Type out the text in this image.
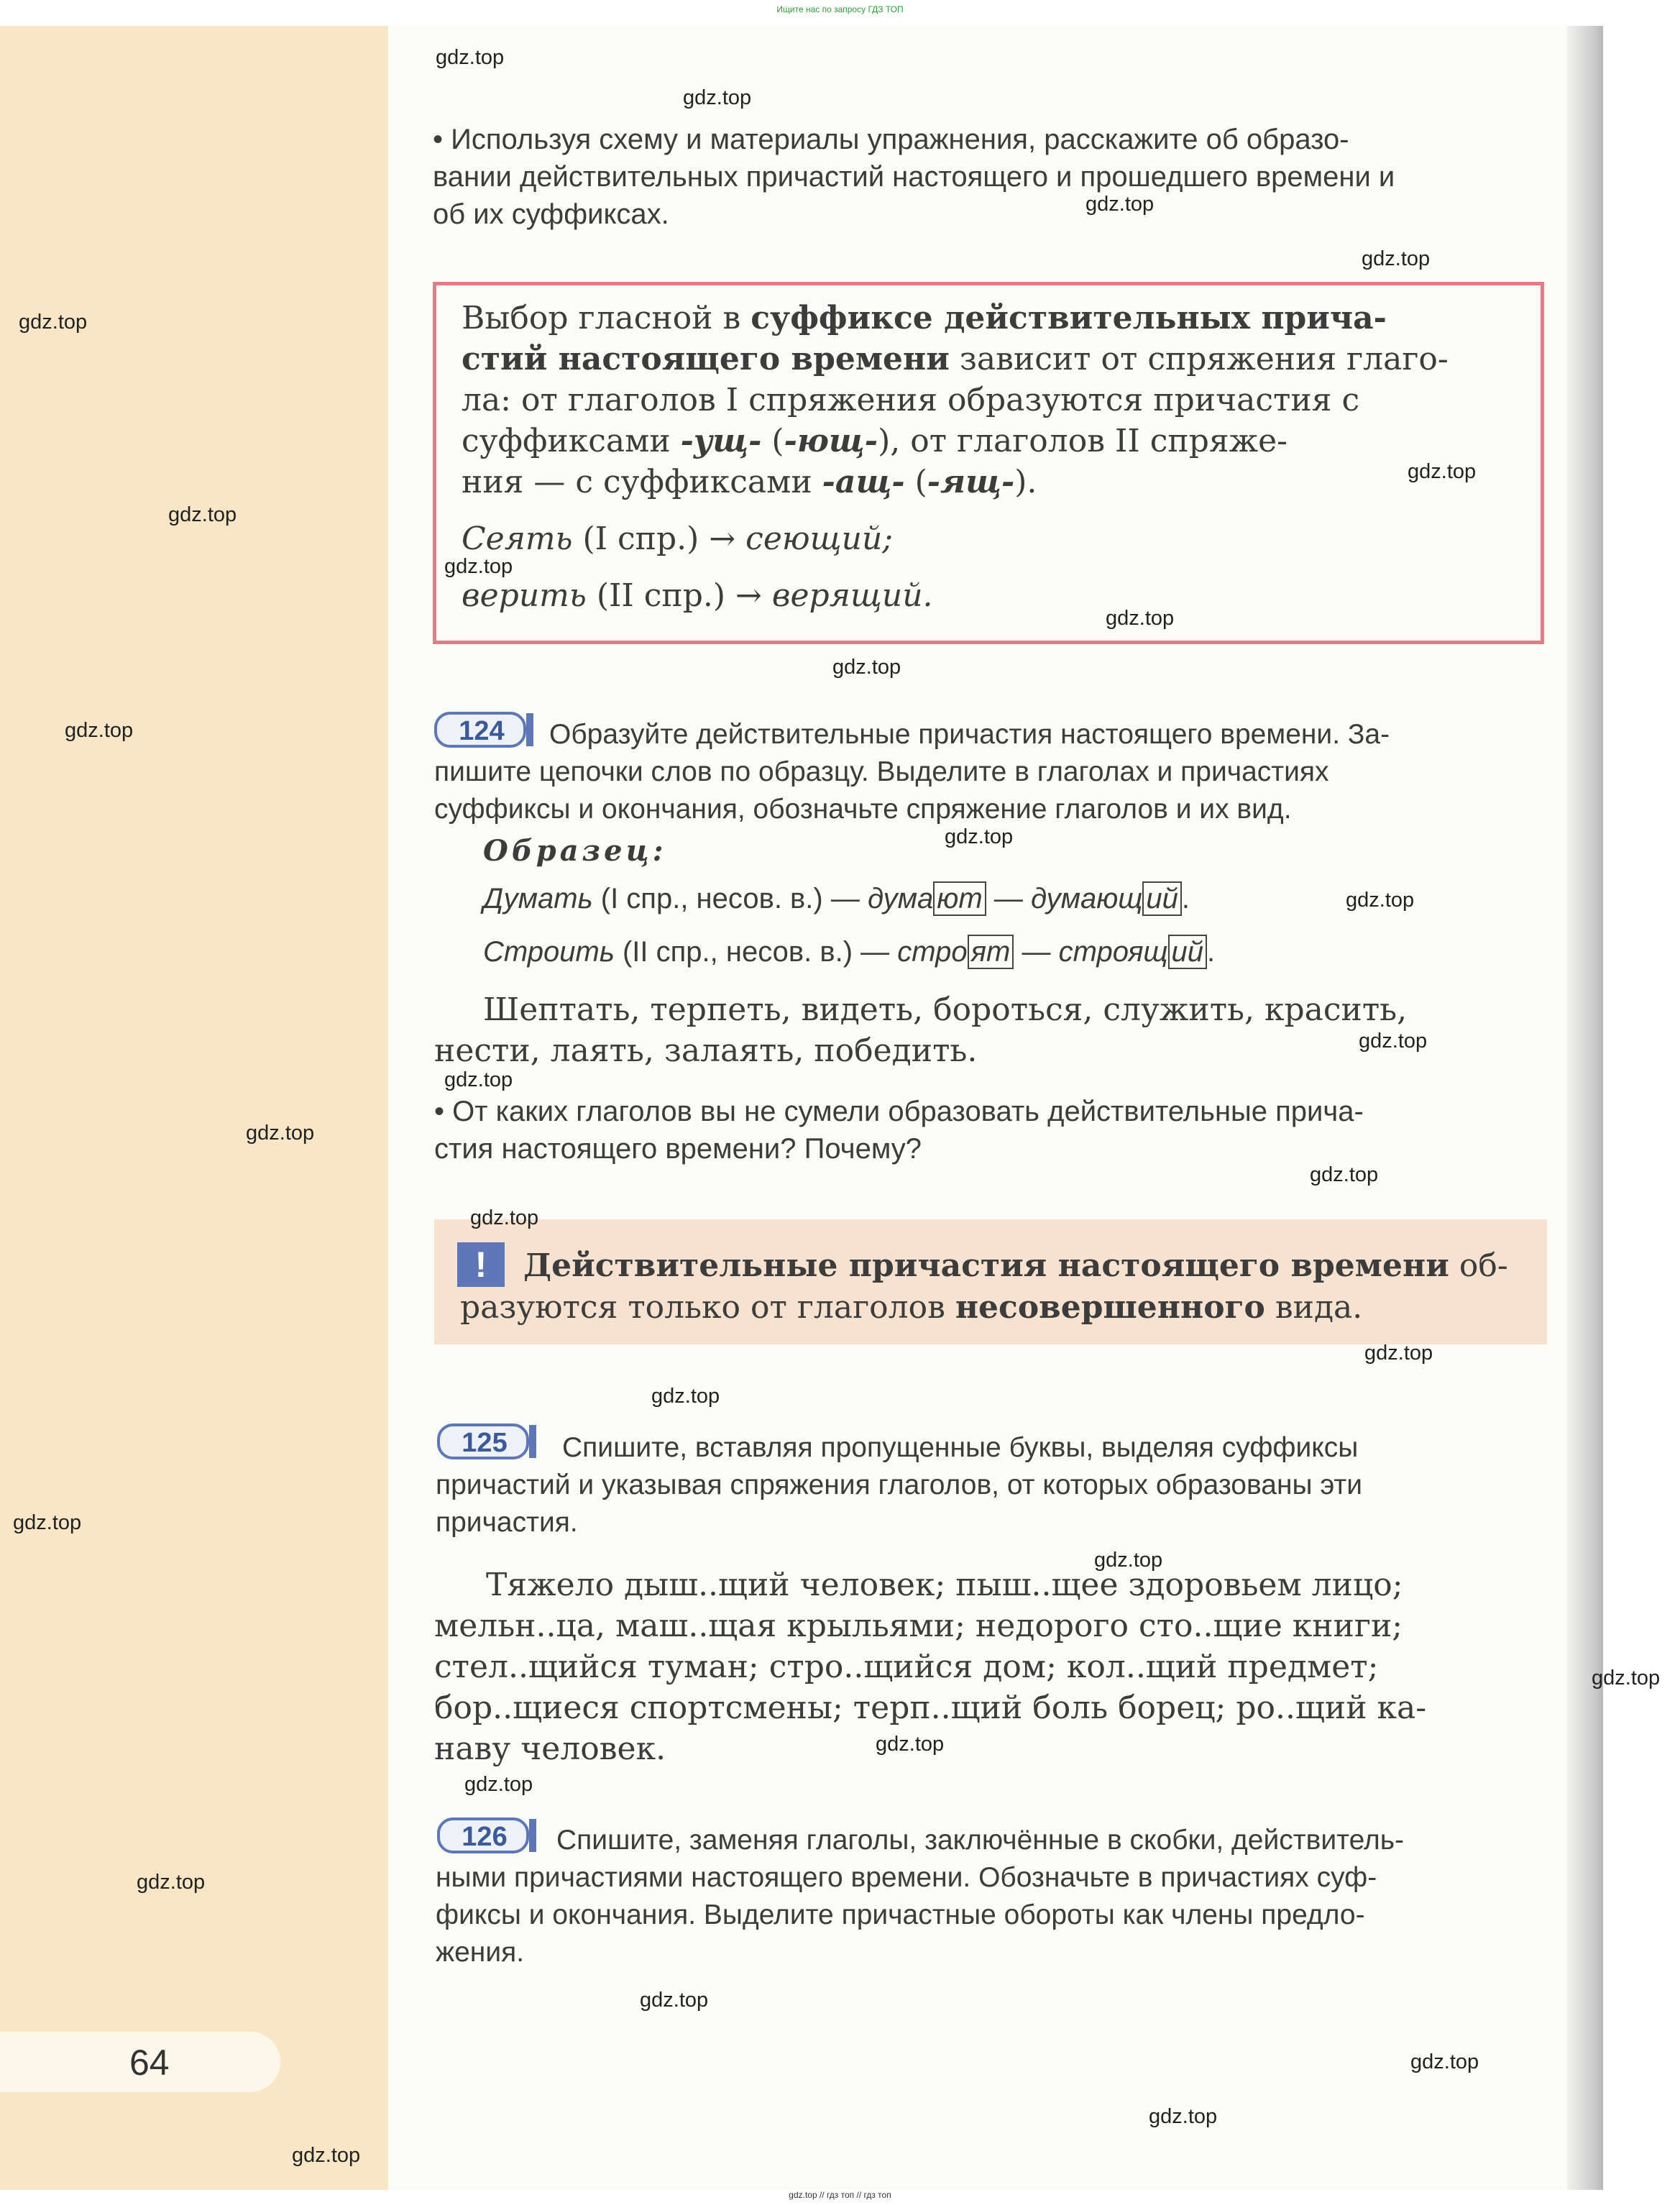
Ищите нас по запросу ГДЗ ТОП
• Используя схему и материалы упражнения, расскажите об образо-
вании действительных причастий настоящего и прошедшего времени и
об их суффиксах.
Выбор гласной в суффиксе действительных прича-
стий настоящего времени зависит от спряжения глаго-
ла: от глаголов I спряжения образуются причастия с
суффиксами -ущ- (-ющ-), от глаголов II спряже-
ния — с суффиксами -ащ- (-ящ-).
Сеять (I спр.) → сеющий;
верить (II спр.) → верящий.
124	Образуйте действительные причастия настоящего времени. За-
пишите цепочки слов по образцу. Выделите в глаголах и причастиях
суффиксы и окончания, обозначьте спряжение глаголов и их вид.
Образец:
Думать (I спр., несов. в.) — дума ют — думающ ий .
Строить (II спр., несов. в.) — стро ят — строящ ий .
Шептать, терпеть, видеть, бороться, служить, красить,
нести, лаять, залаять, победить.
• От каких глаголов вы не сумели образовать действительные прича-
стия настоящего времени? Почему?
!	Действительные причастия настоящего времени об-
разуются только от глаголов несовершенного вида.
125	Спишите, вставляя пропущенные буквы, выделяя суффиксы
причастий и указывая спряжения глаголов, от которых образованы эти
причастия.
Тяжело дыш..щий человек; пыш..щее здоровьем лицо;
мельн..ца, маш..щая крыльями; недорого сто..щие книги;
стел..щийся туман; стро..щийся дом; кол..щий предмет;
бор..щиеся спортсмены; терп..щий боль борец; ро..щий ка-
наву человек.
126	Спишите, заменяя глаголы, заключённые в скобки, действитель-
ными причастиями настоящего времени. Обозначьте в причастиях суф-
фиксы и окончания. Выделите причастные обороты как члены предло-
жения.
64
gdz.top
gdz.top
gdz.top
gdz.top
gdz.top
gdz.top
gdz.top
gdz.top
gdz.top
gdz.top
gdz.top
gdz.top
gdz.top
gdz.top
gdz.top
gdz.top
gdz.top
gdz.top
gdz.top
gdz.top
gdz.top
gdz.top
gdz.top
gdz.top
gdz.top
gdz.top
gdz.top
gdz.top
gdz.top
gdz.top
gdz.top // гдз топ // гдз топ
